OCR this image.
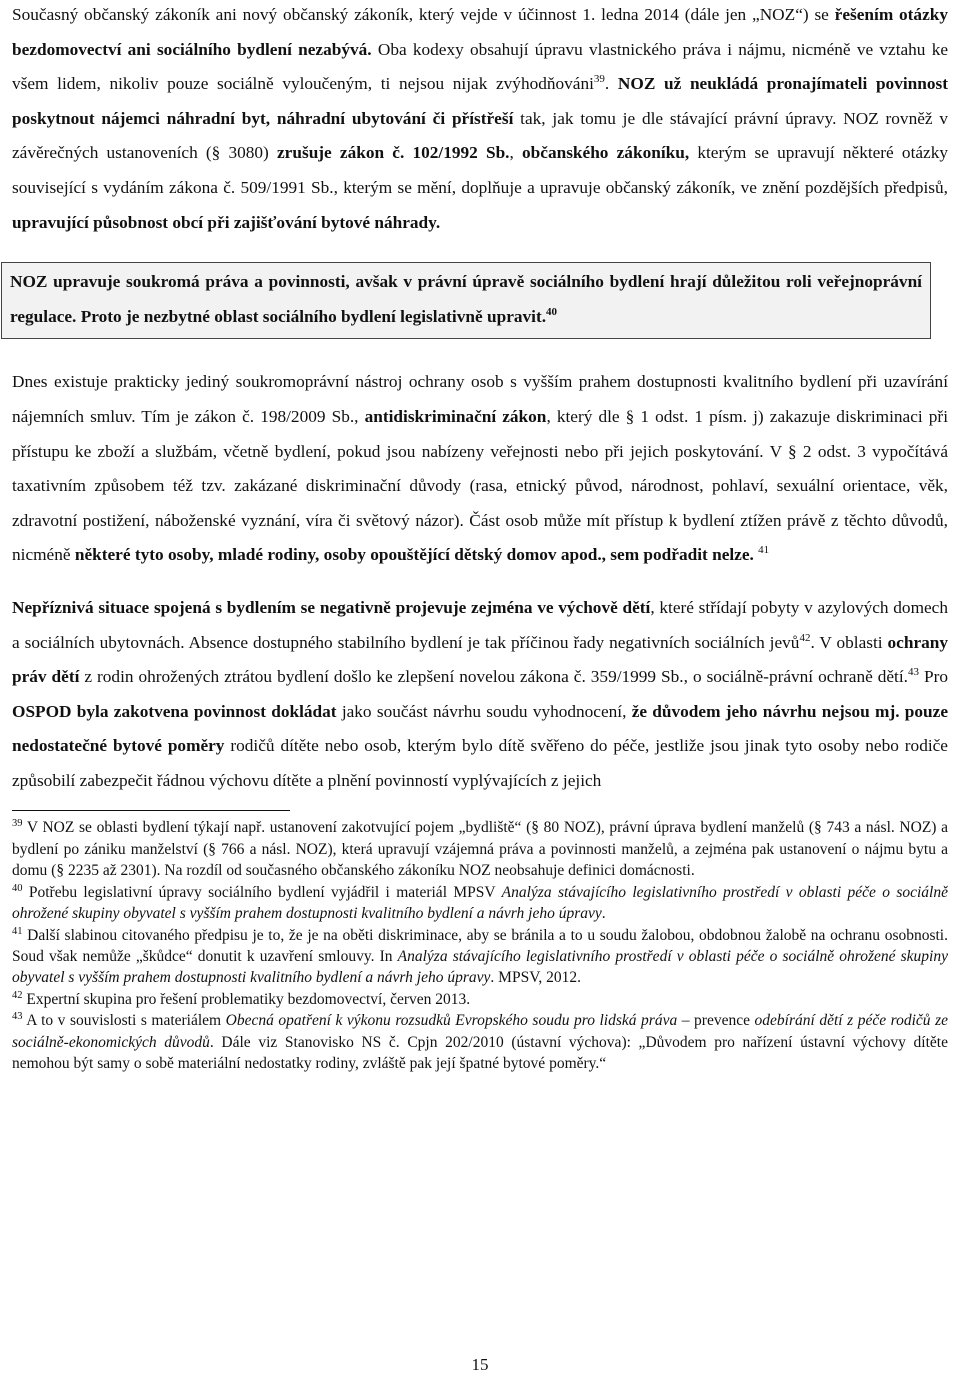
Současný občanský zákoník ani nový občanský zákoník, který vejde v účinnost 1. ledna 2014 (dále jen „NOZ“) se řešením otázky bezdomovectví ani sociálního bydlení nezabývá. Oba kodexy obsahují úpravu vlastnického práva i nájmu, nicméně ve vztahu ke všem lidem, nikoliv pouze sociálně vyloučeným, ti nejsou nijak zvýhodňováni$^{39}$. NOZ už neukládá pronajímateli povinnost poskytnout nájemci náhradní byt, náhradní ubytování či přístřeší tak, jak tomu je dle stávající právní úpravy. NOZ rovněž v závěrečných ustanoveních (§ 3080) zrušuje zákon č. 102/1992 Sb., občanského zákoníku, kterým se upravují některé otázky související s vydáním zákona č. 509/1991 Sb., kterým se mění, doplňuje a upravuje občanský zákoník, ve znění pozdějších předpisů, upravující působnost obcí při zajišťování bytové náhrady.

NOZ upravuje soukromá práva a povinnosti, avšak v právní úpravě sociálního bydlení hrají důležitou roli veřejnoprávní regulace. Proto je nezbytné oblast sociálního bydlení legislativně upravit.$^{40}$

Dnes existuje prakticky jediný soukromoprávní nástroj ochrany osob s vyšším prahem dostupnosti kvalitního bydlení při uzavírání nájemních smluv. Tím je zákon č. 198/2009 Sb., antidiskriminační zákon, který dle § 1 odst. 1 písm. j) zakazuje diskriminaci při přístupu ke zboží a službám, včetně bydlení, pokud jsou nabízeny veřejnosti nebo při jejich poskytování. V § 2 odst. 3 vypočítává taxativním způsobem též tzv. zakázané diskriminační důvody (rasa, etnický původ, národnost, pohlaví, sexuální orientace, věk, zdravotní postižení, náboženské vyznání, víra či světový názor). Část osob může mít přístup k bydlení ztížen právě z těchto důvodů, nicméně některé tyto osoby, mladé rodiny, osoby opouštějící dětský domov apod., sem podřadit nelze. $^{41}$

Nepříznivá situace spojená s bydlením se negativně projevuje zejména ve výchově dětí, které střídají pobyty v azylových domech a sociálních ubytovnách. Absence dostupného stabilního bydlení je tak příčinou řady negativních sociálních jevů$^{42}$. V oblasti ochrany práv dětí z rodin ohrožených ztrátou bydlení došlo ke zlepšení novelou zákona č. 359/1999 Sb., o sociálně-právní ochraně dětí.$^{43}$ Pro OSPOD byla zakotvena povinnost dokládat jako součást návrhu soudu vyhodnocení, že důvodem jeho návrhu nejsou mj. pouze nedostatečné bytové poměry rodičů dítěte nebo osob, kterým bylo dítě svěřeno do péče, jestliže jsou jinak tyto osoby nebo rodiče způsobilí zabezpečit řádnou výchovu dítěte a plnění povinností vyplývajících z jejich

$^{39}$ V NOZ se oblasti bydlení týkají např. ustanovení zakotvující pojem „bydliště“ (§ 80 NOZ), právní úprava bydlení manželů (§ 743 a násl. NOZ) a bydlení po zániku manželství (§ 766 a násl. NOZ), která upravují vzájemná práva a povinnosti manželů, a zejména pak ustanovení o nájmu bytu a domu (§ 2235 až 2301). Na rozdíl od současného občanského zákoníku NOZ neobsahuje definici domácnosti.

$^{40}$ Potřebu legislativní úpravy sociálního bydlení vyjádřil i materiál MPSV Analýza stávajícího legislativního prostředí v oblasti péče o sociálně ohrožené skupiny obyvatel s vyšším prahem dostupnosti kvalitního bydlení a návrh jeho úpravy.

$^{41}$ Další slabinou citovaného předpisu je to, že je na oběti diskriminace, aby se bránila a to u soudu žalobou, obdobnou žalobě na ochranu osobnosti. Soud však nemůže „škůdce“ donutit k uzavření smlouvy. In Analýza stávajícího legislativního prostředí v oblasti péče o sociálně ohrožené skupiny obyvatel s vyšším prahem dostupnosti kvalitního bydlení a návrh jeho úpravy. MPSV, 2012.

$^{42}$ Expertní skupina pro řešení problematiky bezdomovectví, červen 2013.

$^{43}$ A to v souvislosti s materiálem Obecná opatření k výkonu rozsudků Evropského soudu pro lidská práva – prevence odebírání dětí z péče rodičů ze sociálně-ekonomických důvodů. Dále viz Stanovisko NS č. Cpjn 202/2010 (ústavní výchova): „Důvodem pro nařízení ústavní výchovy dítěte nemohou být samy o sobě materiální nedostatky rodiny, zvláště pak její špatné bytové poměry.“

15
